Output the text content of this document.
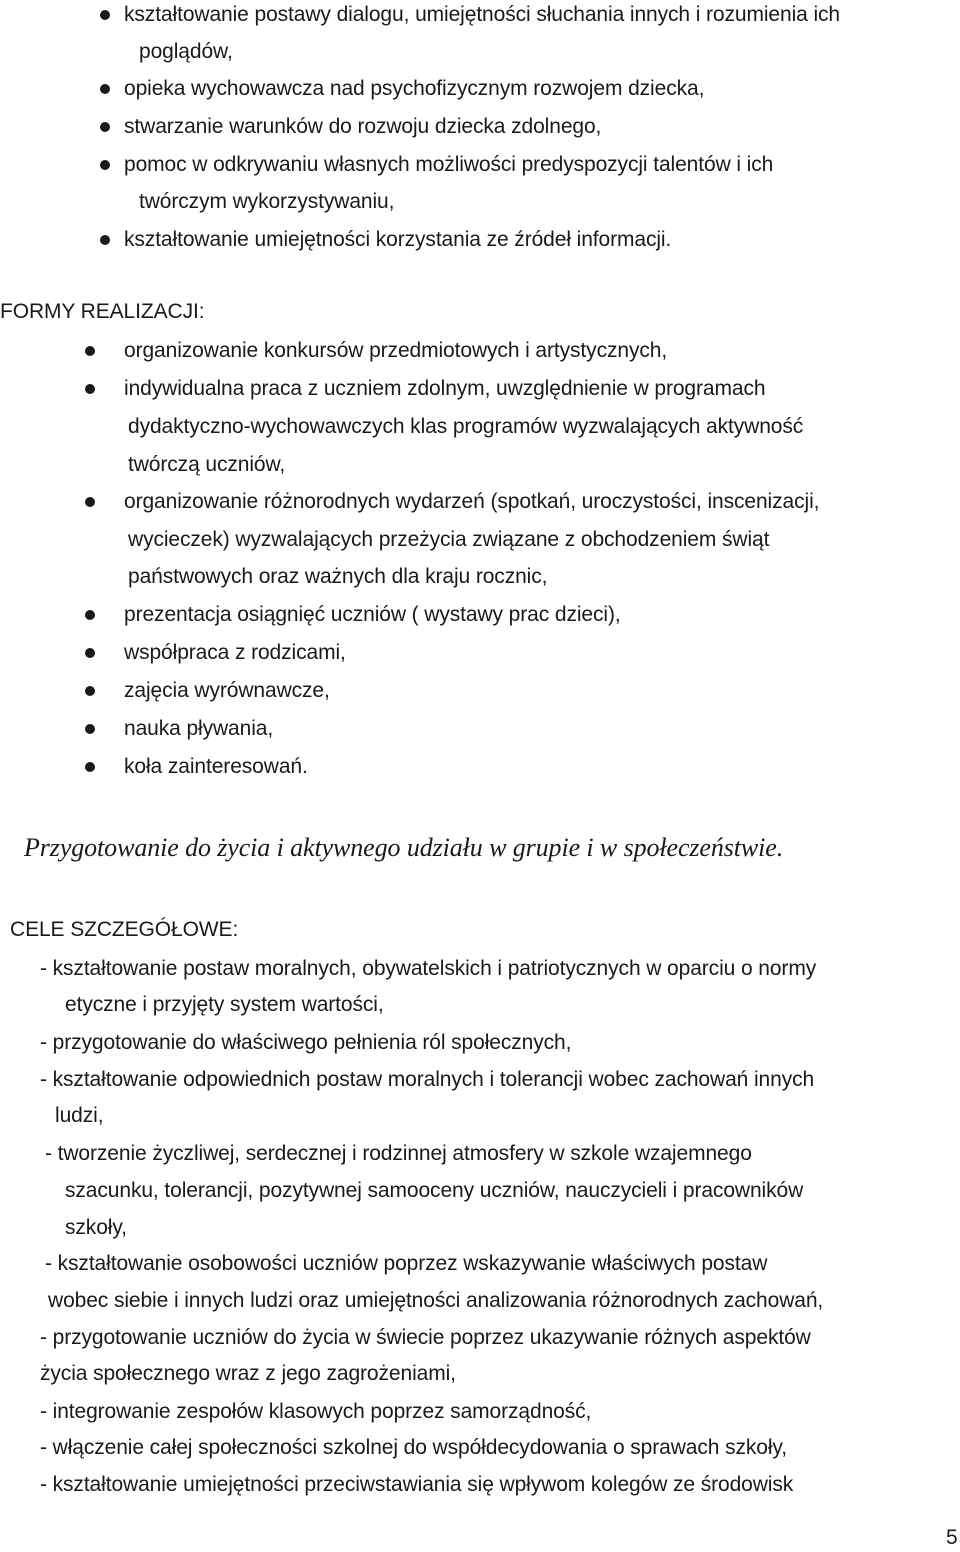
kształtowanie postawy dialogu, umiejętności słuchania innych i rozumienia ich
poglądów,
opieka wychowawcza nad psychofizycznym rozwojem dziecka,
stwarzanie warunków do rozwoju dziecka zdolnego,
pomoc w odkrywaniu własnych możliwości predyspozycji talentów i ich
twórczym wykorzystywaniu,
kształtowanie umiejętności korzystania ze źródeł informacji.
FORMY REALIZACJI:
organizowanie konkursów przedmiotowych i artystycznych,
indywidualna praca z uczniem zdolnym, uwzględnienie w programach
dydaktyczno-wychowawczych klas programów wyzwalających aktywność
twórczą uczniów,
organizowanie różnorodnych wydarzeń (spotkań, uroczystości, inscenizacji,
wycieczek) wyzwalających przeżycia związane z obchodzeniem świąt
państwowych oraz ważnych dla kraju rocznic,
prezentacja osiągnięć uczniów ( wystawy prac dzieci),
współpraca z rodzicami,
zajęcia wyrównawcze,
nauka pływania,
koła zainteresowań.
Przygotowanie do życia i aktywnego udziału w grupie i w społeczeństwie.
CELE SZCZEGÓŁOWE:
- kształtowanie postaw moralnych, obywatelskich i patriotycznych w oparciu o normy
etyczne i przyjęty system wartości,
- przygotowanie do właściwego pełnienia ról społecznych,
- kształtowanie odpowiednich postaw moralnych i tolerancji wobec zachowań innych
ludzi,
- tworzenie życzliwej, serdecznej i rodzinnej atmosfery w szkole wzajemnego
szacunku, tolerancji, pozytywnej samooceny uczniów, nauczycieli i pracowników
szkoły,
- kształtowanie osobowości uczniów poprzez wskazywanie właściwych postaw
wobec siebie i innych ludzi oraz umiejętności analizowania różnorodnych zachowań,
- przygotowanie uczniów do życia w świecie poprzez ukazywanie różnych aspektów
życia społecznego wraz z jego zagrożeniami,
- integrowanie zespołów klasowych poprzez samorządność,
- włączenie całej społeczności szkolnej do współdecydowania o sprawach szkoły,
- kształtowanie umiejętności przeciwstawiania się wpływom kolegów ze środowisk
5
